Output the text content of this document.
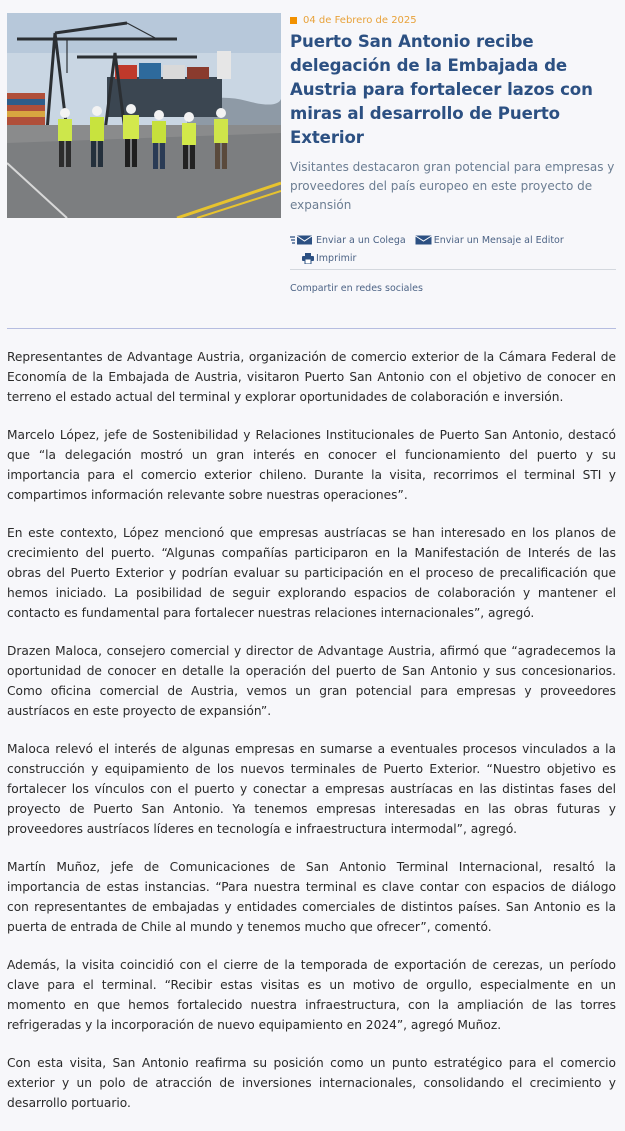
04 de Febrero de 2025
Puerto San Antonio recibe delegación de la Embajada de Austria para fortalecer lazos con miras al desarrollo de Puerto Exterior

Visitantes destacaron gran potencial para empresas y proveedores del país europeo en este proyecto de expansión

Enviar a un Colega
	Enviar un Mensaje al Editor
Imprimir
Compartir en redes sociales

Representantes de Advantage Austria, organización de comercio exterior de la Cámara Federal de Economía de la Embajada de Austria, visitaron Puerto San Antonio con el objetivo de conocer en terreno el estado actual del terminal y explorar oportunidades de colaboración e inversión.

Marcelo López, jefe de Sostenibilidad y Relaciones Institucionales de Puerto San Antonio, destacó que “la delegación mostró un gran interés en conocer el funcionamiento del puerto y su importancia para el comercio exterior chileno. Durante la visita, recorrimos el terminal STI y compartimos información relevante sobre nuestras operaciones”.

En este contexto, López mencionó que empresas austríacas se han interesado en los planos de crecimiento del puerto. “Algunas compañías participaron en la Manifestación de Interés de las obras del Puerto Exterior y podrían evaluar su participación en el proceso de precalificación que hemos iniciado. La posibilidad de seguir explorando espacios de colaboración y mantener el contacto es fundamental para fortalecer nuestras relaciones internacionales”, agregó.

Drazen Maloca, consejero comercial y director de Advantage Austria, afirmó que “agradecemos la oportunidad de conocer en detalle la operación del puerto de San Antonio y sus concesionarios. Como oficina comercial de Austria, vemos un gran potencial para empresas y proveedores austríacos en este proyecto de expansión”.

Maloca relevó el interés de algunas empresas en sumarse a eventuales procesos vinculados a la construcción y equipamiento de los nuevos terminales de Puerto Exterior. “Nuestro objetivo es fortalecer los vínculos con el puerto y conectar a empresas austríacas en las distintas fases del proyecto de Puerto San Antonio. Ya tenemos empresas interesadas en las obras futuras y proveedores austríacos líderes en tecnología e infraestructura intermodal”, agregó.

Martín Muñoz, jefe de Comunicaciones de San Antonio Terminal Internacional, resaltó la importancia de estas instancias. “Para nuestra terminal es clave contar con espacios de diálogo con representantes de embajadas y entidades comerciales de distintos países. San Antonio es la puerta de entrada de Chile al mundo y tenemos mucho que ofrecer”, comentó.

Además, la visita coincidió con el cierre de la temporada de exportación de cerezas, un período clave para el terminal. “Recibir estas visitas es un motivo de orgullo, especialmente en un momento en que hemos fortalecido nuestra infraestructura, con la ampliación de las torres refrigeradas y la incorporación de nuevo equipamiento en 2024”, agregó Muñoz.

Con esta visita, San Antonio reafirma su posición como un punto estratégico para el comercio exterior y un polo de atracción de inversiones internacionales, consolidando el crecimiento y desarrollo portuario.
